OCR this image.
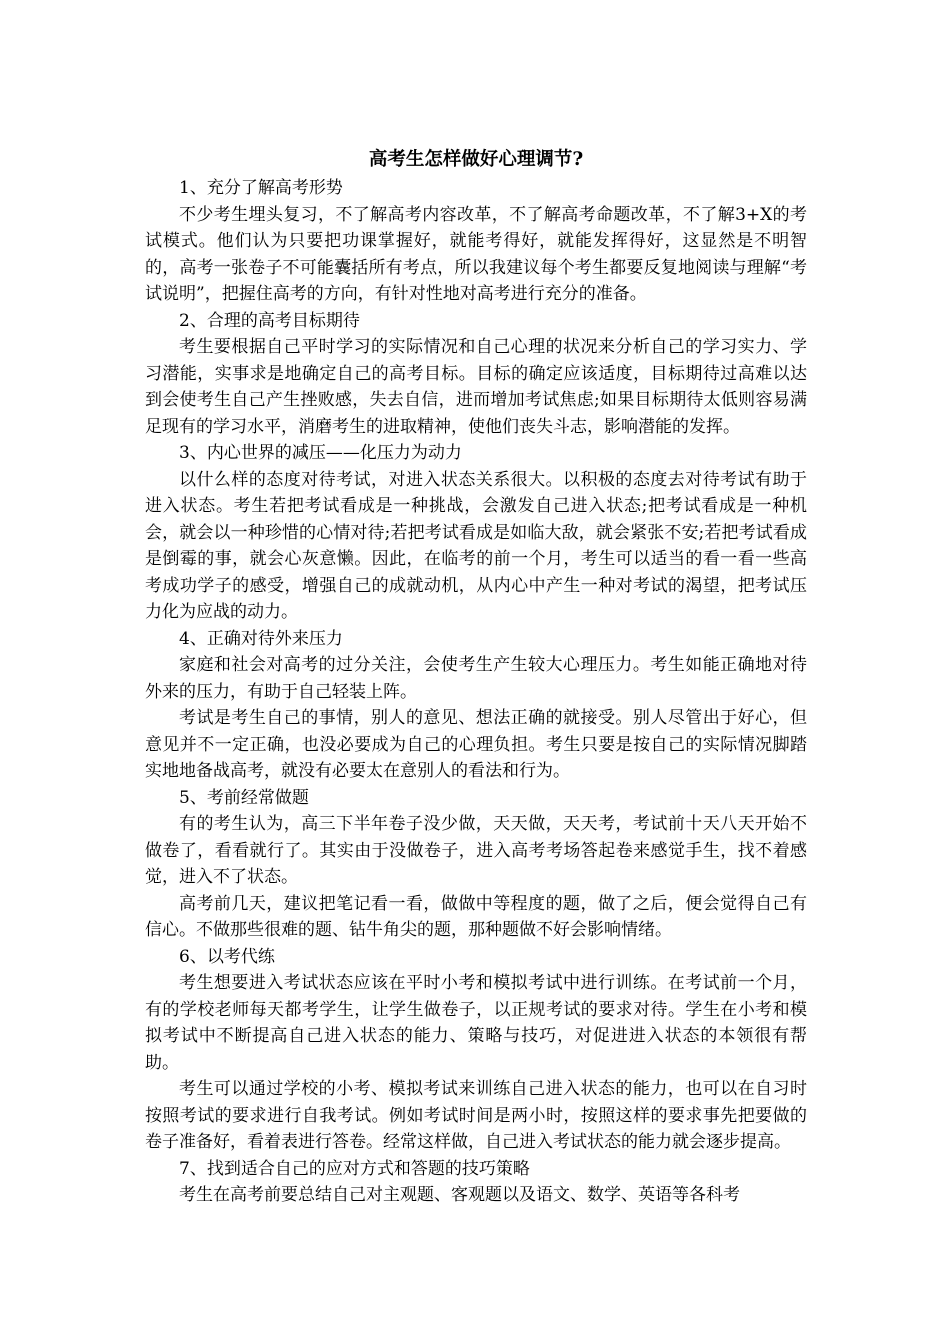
高考生怎样做好心理调节?

1、充分了解高考形势

不少考生埋头复习，不了解高考内容改革，不了解高考命题改革，不了解3+X的考试模式。他们认为只要把功课掌握好，就能考得好，就能发挥得好，这显然是不明智的，高考一张卷子不可能囊括所有考点，所以我建议每个考生都要反复地阅读与理解“考试说明”，把握住高考的方向，有针对性地对高考进行充分的准备。

2、合理的高考目标期待

考生要根据自己平时学习的实际情况和自己心理的状况来分析自己的学习实力、学习潜能，实事求是地确定自己的高考目标。目标的确定应该适度，目标期待过高难以达到会使考生自己产生挫败感，失去自信，进而增加考试焦虑;如果目标期待太低则容易满足现有的学习水平，消磨考生的进取精神，使他们丧失斗志，影响潜能的发挥。

3、内心世界的减压——化压力为动力

以什么样的态度对待考试，对进入状态关系很大。以积极的态度去对待考试有助于进入状态。考生若把考试看成是一种挑战，会激发自己进入状态;把考试看成是一种机会，就会以一种珍惜的心情对待;若把考试看成是如临大敌，就会紧张不安;若把考试看成是倒霉的事，就会心灰意懒。因此，在临考的前一个月，考生可以适当的看一看一些高考成功学子的感受，增强自己的成就动机，从内心中产生一种对考试的渴望，把考试压力化为应战的动力。

4、正确对待外来压力

家庭和社会对高考的过分关注，会使考生产生较大心理压力。考生如能正确地对待外来的压力，有助于自己轻装上阵。

考试是考生自己的事情，别人的意见、想法正确的就接受。别人尽管出于好心，但意见并不一定正确，也没必要成为自己的心理负担。考生只要是按自己的实际情况脚踏实地地备战高考，就没有必要太在意别人的看法和行为。

5、考前经常做题

有的考生认为，高三下半年卷子没少做，天天做，天天考，考试前十天八天开始不做卷了，看看就行了。其实由于没做卷子，进入高考考场答起卷来感觉手生，找不着感觉，进入不了状态。

高考前几天，建议把笔记看一看，做做中等程度的题，做了之后，便会觉得自己有信心。不做那些很难的题、钻牛角尖的题，那种题做不好会影响情绪。

6、以考代练

考生想要进入考试状态应该在平时小考和模拟考试中进行训练。在考试前一个月，有的学校老师每天都考学生，让学生做卷子，以正规考试的要求对待。学生在小考和模拟考试中不断提高自己进入状态的能力、策略与技巧，对促进进入状态的本领很有帮助。

考生可以通过学校的小考、模拟考试来训练自己进入状态的能力，也可以在自习时按照考试的要求进行自我考试。例如考试时间是两小时，按照这样的要求事先把要做的卷子准备好，看着表进行答卷。经常这样做，自己进入考试状态的能力就会逐步提高。

7、找到适合自己的应对方式和答题的技巧策略

考生在高考前要总结自己对主观题、客观题以及语文、数学、英语等各科考
